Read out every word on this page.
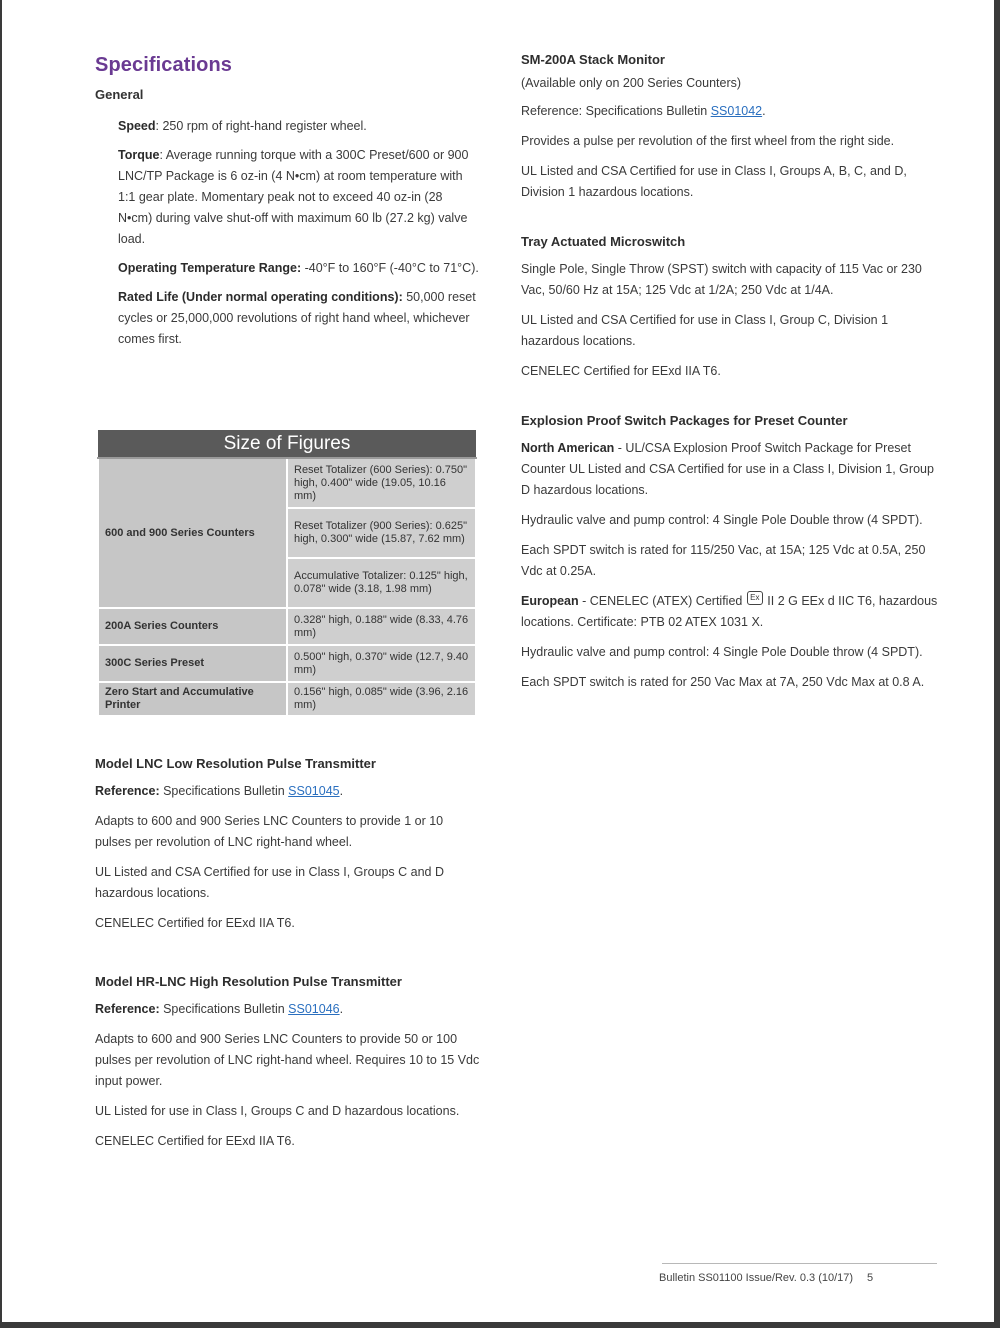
Specifications
General
Speed: 250 rpm of right-hand register wheel.
Torque: Average running torque with a 300C Preset/600 or 900 LNC/TP Package is 6 oz-in (4 N•cm) at room temperature with 1:1 gear plate. Momentary peak not to exceed 40 oz-in (28 N•cm) during valve shut-off with maximum 60 lb (27.2 kg) valve load.
Operating Temperature Range: -40°F to 160°F (-40°C to 71°C).
Rated Life (Under normal operating conditions): 50,000 reset cycles or 25,000,000 revolutions of right hand wheel, whichever comes first.
Size of Figures	
600 and 900 Series Counters	Reset Totalizer (600 Series): 0.750" high, 0.400" wide (19.05, 10.16 mm)
	Reset Totalizer (900 Series): 0.625" high, 0.300" wide (15.87, 7.62 mm)
	Accumulative Totalizer: 0.125" high, 0.078" wide (3.18, 1.98 mm)
200A Series Counters	0.328" high, 0.188" wide (8.33, 4.76 mm)
300C Series Preset	0.500" high, 0.370" wide (12.7, 9.40 mm)
Zero Start and Accumulative Printer	0.156" high, 0.085" wide (3.96, 2.16 mm)
Model LNC Low Resolution Pulse Transmitter
Reference: Specifications Bulletin SS01045.
Adapts to 600 and 900 Series LNC Counters to provide 1 or 10 pulses per revolution of LNC right-hand wheel.
UL Listed and CSA Certified for use in Class I, Groups C and D hazardous locations.
CENELEC Certified for EExd IIA T6.
Model HR-LNC High Resolution Pulse Transmitter
Reference: Specifications Bulletin SS01046.
Adapts to 600 and 900 Series LNC Counters to provide 50 or 100 pulses per revolution of LNC right-hand wheel. Requires 10 to 15 Vdc input power.
UL Listed for use in Class I, Groups C and D hazardous locations.
CENELEC Certified for EExd IIA T6.
SM-200A Stack Monitor
(Available only on 200 Series Counters)
Reference: Specifications Bulletin SS01042.
Provides a pulse per revolution of the first wheel from the right side.
UL Listed and CSA Certified for use in Class I, Groups A, B, C, and D, Division 1 hazardous locations.
Tray Actuated Microswitch
Single Pole, Single Throw (SPST) switch with capacity of 115 Vac or 230 Vac, 50/60 Hz at 15A; 125 Vdc at 1/2A; 250 Vdc at 1/4A.
UL Listed and CSA Certified for use in Class I, Group C, Division 1 hazardous locations.
CENELEC Certified for EExd IIA T6.
Explosion Proof Switch Packages for Preset Counter
North American - UL/CSA Explosion Proof Switch Package for Preset Counter UL Listed and CSA Certified for use in a Class I, Division 1, Group D hazardous locations.
Hydraulic valve and pump control: 4 Single Pole Double throw (4 SPDT).
Each SPDT switch is rated for 115/250 Vac, at 15A; 125 Vdc at 0.5A, 250 Vdc at 0.25A.
European - CENELEC (ATEX) Certified Ex II 2 G EEx d IIC T6, hazardous locations. Certificate: PTB 02 ATEX 1031 X.
Hydraulic valve and pump control: 4 Single Pole Double throw (4 SPDT).
Each SPDT switch is rated for 250 Vac Max at 7A, 250 Vdc Max at 0.8 A.
Bulletin SS01100 Issue/Rev. 0.3 (10/17) 5
